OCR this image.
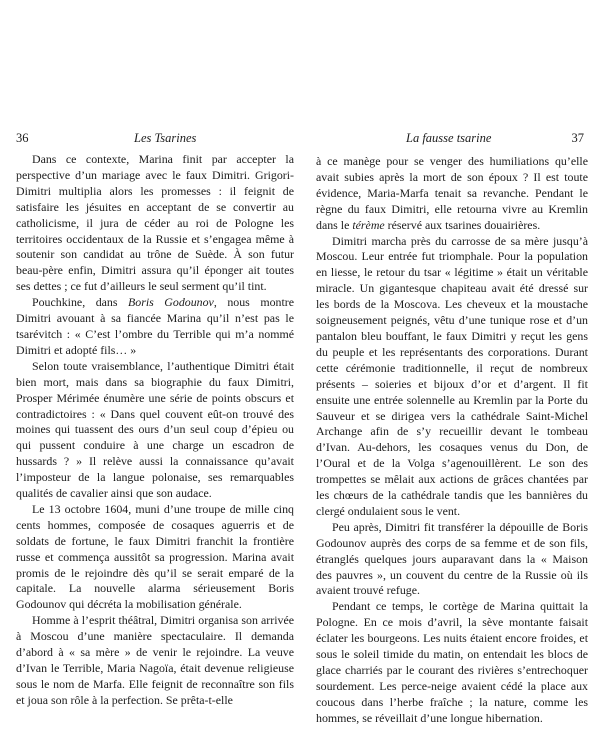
36	Les Tsarines

Dans ce contexte, Marina finit par accepter la perspective d’un mariage avec le faux Dimitri. Grigori-Dimitri multiplia alors les promesses : il feignit de satisfaire les jésuites en acceptant de se convertir au catholicisme, il jura de céder au roi de Pologne les territoires occidentaux de la Russie et s’engagea même à soutenir son candidat au trône de Suède. À son futur beau-père enfin, Dimitri assura qu’il éponger ait toutes ses dettes ; ce fut d’ailleurs le seul serment qu’il tint.

Pouchkine, dans Boris Godounov, nous montre Dimitri avouant à sa fiancée Marina qu’il n’est pas le tsarévitch : « C’est l’ombre du Terrible qui m’a nommé Dimitri et adopté fils… »

Selon toute vraisemblance, l’authentique Dimitri était bien mort, mais dans sa biographie du faux Dimitri, Prosper Mérimée énumère une série de points obscurs et contradictoires : « Dans quel couvent eût-on trouvé des moines qui tuassent des ours d’un seul coup d’épieu ou qui pussent conduire à une charge un escadron de hussards ? » Il relève aussi la connaissance qu’avait l’imposteur de la langue polonaise, ses remarquables qualités de cavalier ainsi que son audace.

Le 13 octobre 1604, muni d’une troupe de mille cinq cents hommes, composée de cosaques aguerris et de soldats de fortune, le faux Dimitri franchit la frontière russe et commença aussitôt sa progression. Marina avait promis de le rejoindre dès qu’il se serait emparé de la capitale. La nouvelle alarma sérieusement Boris Godounov qui décréta la mobilisation générale.

Homme à l’esprit théâtral, Dimitri organisa son arrivée à Moscou d’une manière spectaculaire. Il demanda d’abord à « sa mère » de venir le rejoindre. La veuve d’Ivan le Terrible, Maria Nagoïa, était devenue religieuse sous le nom de Marfa. Elle feignit de reconnaître son fils et joua son rôle à la perfection. Se prêta-t-elle

La fausse tsarine	37

à ce manège pour se venger des humiliations qu’elle avait subies après la mort de son époux ? Il est toute évidence, Maria-Marfa tenait sa revanche. Pendant le règne du faux Dimitri, elle retourna vivre au Kremlin dans le térème réservé aux tsarines douairières.

Dimitri marcha près du carrosse de sa mère jusqu’à Moscou. Leur entrée fut triomphale. Pour la population en liesse, le retour du tsar « légitime » était un véritable miracle. Un gigantesque chapiteau avait été dressé sur les bords de la Moscova. Les cheveux et la moustache soigneusement peignés, vêtu d’une tunique rose et d’un pantalon bleu bouffant, le faux Dimitri y reçut les gens du peuple et les représentants des corporations. Durant cette cérémonie traditionnelle, il reçut de nombreux présents – soieries et bijoux d’or et d’argent. Il fit ensuite une entrée solennelle au Kremlin par la Porte du Sauveur et se dirigea vers la cathédrale Saint-Michel Archange afin de s’y recueillir devant le tombeau d’Ivan. Au-dehors, les cosaques venus du Don, de l’Oural et de la Volga s’agenouillèrent. Le son des trompettes se mêlait aux actions de grâces chantées par les chœurs de la cathédrale tandis que les bannières du clergé ondulaient sous le vent.

Peu après, Dimitri fit transférer la dépouille de Boris Godounov auprès des corps de sa femme et de son fils, étranglés quelques jours auparavant dans la « Maison des pauvres », un couvent du centre de la Russie où ils avaient trouvé refuge.

Pendant ce temps, le cortège de Marina quittait la Pologne. En ce mois d’avril, la sève montante faisait éclater les bourgeons. Les nuits étaient encore froides, et sous le soleil timide du matin, on entendait les blocs de glace charriés par le courant des rivières s’entrechoquer sourdement. Les perce-neige avaient cédé la place aux coucous dans l’herbe fraîche ; la nature, comme les hommes, se réveillait d’une longue hibernation.
